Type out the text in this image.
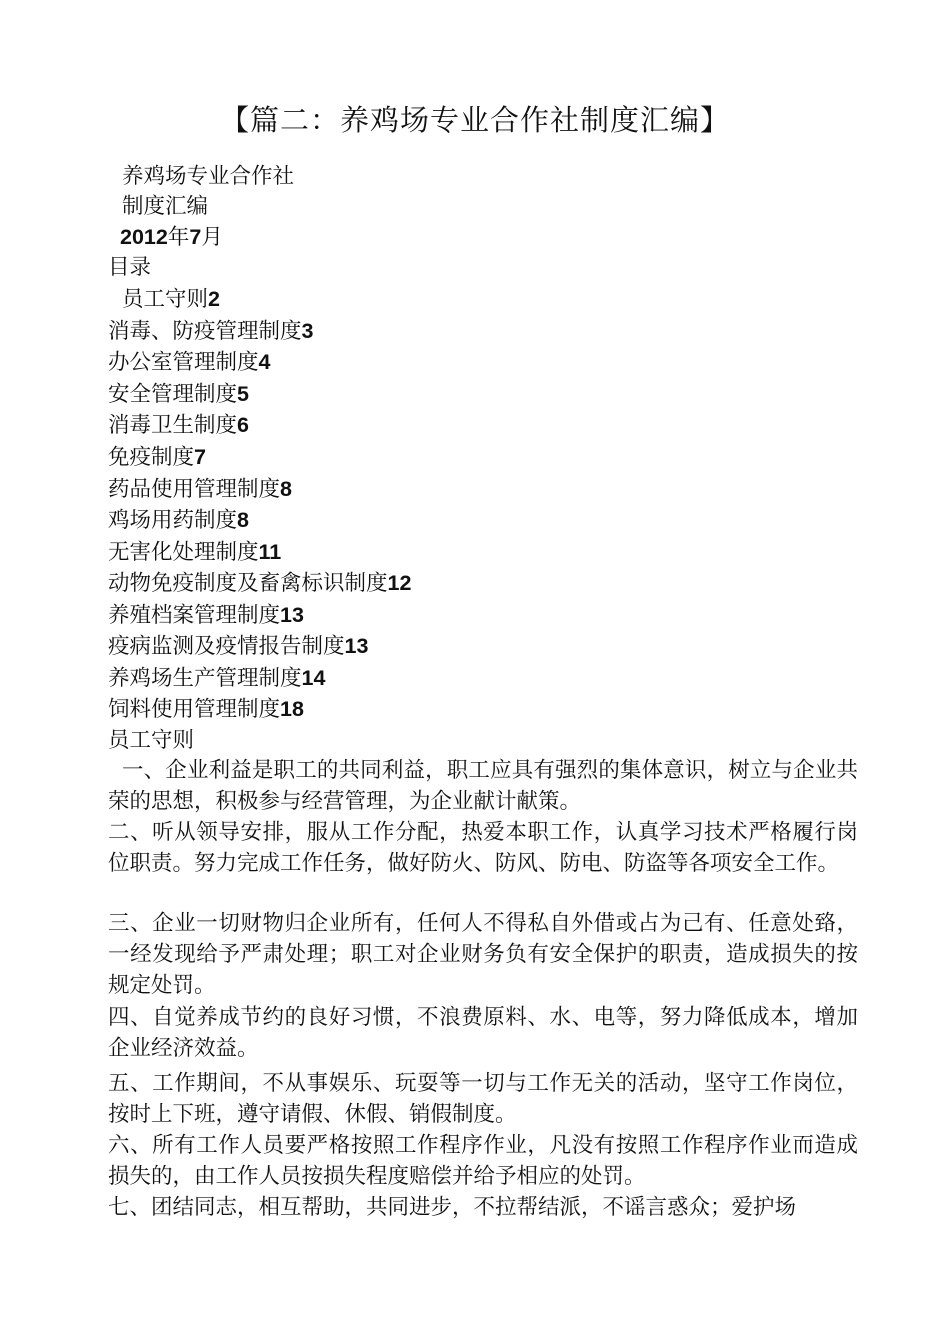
【篇二：养鸡场专业合作社制度汇编】
养鸡场专业合作社
制度汇编
2012年7月
目录
员工守则2
消毒、防疫管理制度3
办公室管理制度4
安全管理制度5
消毒卫生制度6
免疫制度7
药品使用管理制度8
鸡场用药制度8
无害化处理制度11
动物免疫制度及畜禽标识制度12
养殖档案管理制度13
疫病监测及疫情报告制度13
养鸡场生产管理制度14
饲料使用管理制度18
员工守则
一、企业利益是职工的共同利益，职工应具有强烈的集体意识，树立与企业共荣的思想，积极参与经营管理，为企业献计献策。
二、听从领导安排，服从工作分配，热爱本职工作，认真学习技术严格履行岗位职责。努力完成工作任务，做好防火、防风、防电、防盗等各项安全工作。
三、企业一切财物归企业所有，任何人不得私自外借或占为己有、任意处臵，一经发现给予严肃处理；职工对企业财务负有安全保护的职责，造成损失的按规定处罚。
四、自觉养成节约的良好习惯，不浪费原料、水、电等，努力降低成本，增加企业经济效益。
五、工作期间，不从事娱乐、玩耍等一切与工作无关的活动，坚守工作岗位，按时上下班，遵守请假、休假、销假制度。
六、所有工作人员要严格按照工作程序作业，凡没有按照工作程序作业而造成损失的，由工作人员按损失程度赔偿并给予相应的处罚。
七、团结同志，相互帮助，共同进步，不拉帮结派，不谣言惑众；爱护场
